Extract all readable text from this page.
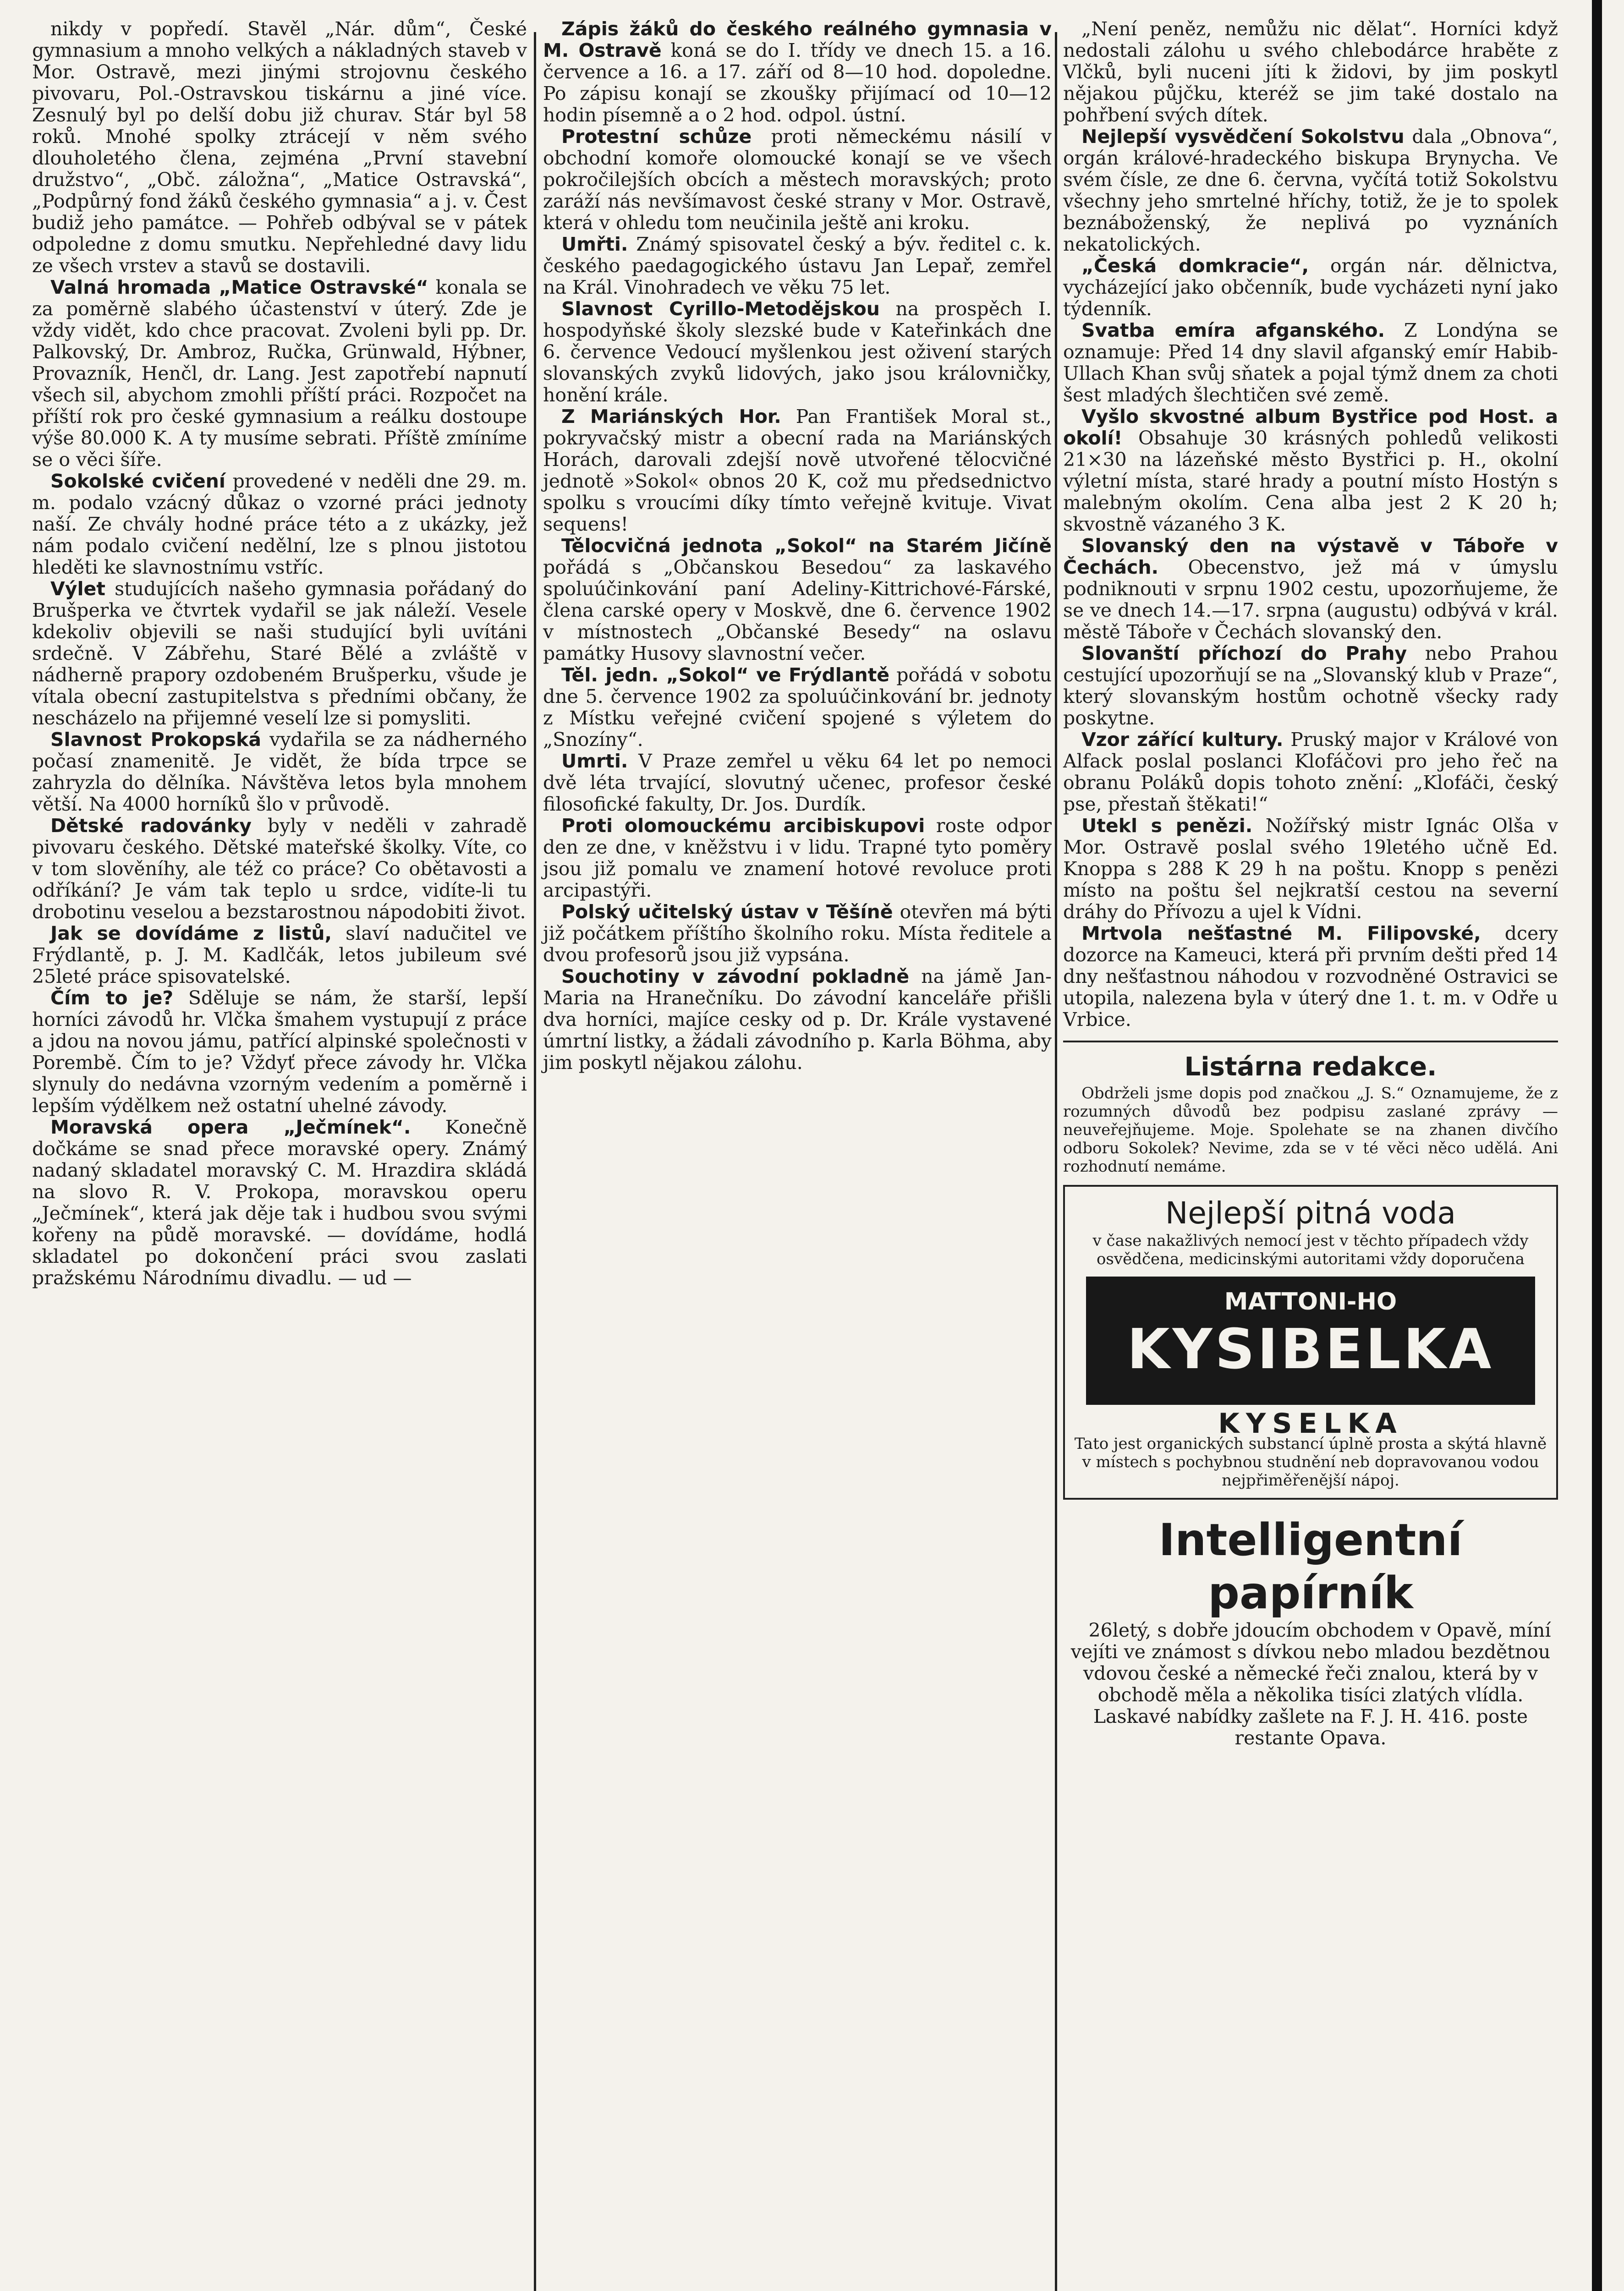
nikdy v popředí. Stavěl „Nár. dům“, České gymnasium a mnoho velkých a nákladných staveb v Mor. Ostravě, mezi jinými strojovnu českého pivovaru, Pol.-Ostravskou tiskárnu a jiné více. Zesnulý byl po delší dobu již churav. Stár byl 58 roků. Mnohé spolky ztrácejí v něm svého dlouholetého člena, zejména „První stavební družstvo“, „Obč. záložna“, „Matice Ostravská“, „Podpůrný fond žáků českého gymnasia“ a j. v. Čest budiž jeho památce. — Pohřeb odbýval se v pátek odpoledne z domu smutku. Nepřehledné davy lidu ze všech vrstev a stavů se dostavili.

Valná hromada „Matice Ostravské“ konala se za poměrně slabého účastenství v úterý. Zde je vždy vidět, kdo chce pracovat. Zvoleni byli pp. Dr. Palkovský, Dr. Ambroz, Ručka, Grünwald, Hýbner, Provazník, Henčl, dr. Lang. Jest zapotřebí napnutí všech sil, abychom zmohli příští práci. Rozpočet na příští rok pro české gymnasium a reálku dostoupe výše 80.000 K. A ty musíme sebrati. Příště zmíníme se o věci šíře.

Sokolské cvičení provedené v neděli dne 29. m. m. podalo vzácný důkaz o vzorné práci jednoty naší. Ze chvály hodné práce této a z ukázky, jež nám podalo cvičení nedělní, lze s plnou jistotou hleděti ke slavnostnímu vstříc.

Výlet studujících našeho gymnasia pořádaný do Brušperka ve čtvrtek vydařil se jak náleží. Vesele kdekoliv objevili se naši studující byli uvítáni srdečně. V Zábřehu, Staré Bělé a zvláště v nádherně prapory ozdobeném Brušperku, všude je vítala obecní zastupitelstva s předními občany, že nescházelo na přijemné veselí lze si pomysliti.

Slavnost Prokopská vydařila se za nádherného počasí znamenitě. Je vidět, že bída trpce se zahryzla do dělníka. Návštěva letos byla mnohem větší. Na 4000 horníků šlo v průvodě.

Dětské radovánky byly v neděli v zahradě pivovaru českého. Dětské mateřské školky. Víte, co v tom slověníhy, ale též co práce? Co obětavosti a odříkání? Je vám tak teplo u srdce, vidíte-li tu drobotinu veselou a bezstarostnou nápodobiti život.

Jak se dovídáme z listů, slaví nadučitel ve Frýdlantě, p. J. M. Kadlčák, letos jubileum své 25leté práce spisovatelské.

Čím to je? Sděluje se nám, že starší, lepší horníci závodů hr. Vlčka šmahem vystupují z práce a jdou na novou jámu, patřící alpinské společnosti v Porembě. Čím to je? Vždyť přece závody hr. Vlčka slynuly do nedávna vzorným vedením a poměrně i lepším výdělkem než ostatní uhelné závody.

Moravská opera „Ječmínek“. Konečně dočkáme se snad přece moravské opery. Známý nadaný skladatel moravský C. M. Hrazdira skládá na slovo R. V. Prokopa, moravskou operu „Ječmínek“, která jak děje tak i hudbou svou svými kořeny na půdě moravské. — dovídáme, hodlá skladatel po dokončení práci svou zaslati pražskému Národnímu divadlu. — ud —

Zápis žáků do českého reálného gymnasia v M. Ostravě koná se do I. třídy ve dnech 15. a 16. července a 16. a 17. září od 8—10 hod. dopoledne. Po zápisu konají se zkoušky přijímací od 10—12 hodin písemně a o 2 hod. odpol. ústní.

Protestní schůze proti německému násilí v obchodní komoře olomoucké konají se ve všech pokročilejších obcích a městech moravských; proto zaráží nás nevšímavost české strany v Mor. Ostravě, která v ohledu tom neučinila ještě ani kroku.

Umřti. Známý spisovatel český a býv. ředitel c. k. českého paedagogického ústavu Jan Lepař, zemřel na Král. Vinohradech ve věku 75 let.

Slavnost Cyrillo-Metodějskou na prospěch I. hospodyňské školy slezské bude v Kateřinkách dne 6. července Vedoucí myšlenkou jest oživení starých slovanských zvyků lidových, jako jsou královničky, honění krále.

Z Mariánských Hor. Pan František Moral st., pokryvačský mistr a obecní rada na Mariánských Horách, darovali zdejší nově utvořené tělocvičné jednotě »Sokol« obnos 20 K, což mu předsednictvo spolku s vroucími díky tímto veřejně kvituje. Vivat sequens!

Tělocvičná jednota „Sokol“ na Starém Jičíně pořádá s „Občanskou Besedou“ za laskavého spoluúčinkování paní Adeliny-Kittrichové-Fárské, člena carské opery v Moskvě, dne 6. července 1902 v místnostech „Občanské Besedy“ na oslavu památky Husovy slavnostní večer.

Těl. jedn. „Sokol“ ve Frýdlantě pořádá v sobotu dne 5. července 1902 za spoluúčinkování br. jednoty z Místku veřejné cvičení spojené s výletem do „Snozíny“.

Umrti. V Praze zemřel u věku 64 let po nemoci dvě léta trvající, slovutný učenec, profesor české filosofické fakulty, Dr. Jos. Durdík.

Proti olomouckému arcibiskupovi roste odpor den ze dne, v kněžstvu i v lidu. Trapné tyto poměry jsou již pomalu ve znamení hotové revoluce proti arcipastýři.

Polský učitelský ústav v Těšíně otevřen má býti již počátkem příštího školního roku. Místa ředitele a dvou profesorů jsou již vypsána.

Souchotiny v závodní pokladně na jámě Jan-Maria na Hranečníku. Do závodní kanceláře přišli dva horníci, majíce cesky od p. Dr. Krále vystavené úmrtní listky, a žádali závodního p. Karla Böhma, aby jim poskytl nějakou zálohu.

„Není peněz, nemůžu nic dělat“. Horníci když nedostali zálohu u svého chlebodárce hraběte z Vlčků, byli nuceni jíti k židovi, by jim poskytl nějakou půjčku, kteréž se jim také dostalo na pohřbení svých dítek.

Nejlepší vysvědčení Sokolstvu dala „Obnova“, orgán králové-hradeckého biskupa Brynycha. Ve svém čísle, ze dne 6. června, vyčítá totiž Sokolstvu všechny jeho smrtelné hříchy, totiž, že je to spolek beznáboženský, že neplivá po vyznáních nekatolických.

„Česká domkracie“, orgán nár. dělnictva, vycházející jako občenník, bude vycházeti nyní jako týdenník.

Svatba emíra afganského. Z Londýna se oznamuje: Před 14 dny slavil afganský emír Habib-Ullach Khan svůj sňatek a pojal týmž dnem za choti šest mladých šlechtičen své země.

Vyšlo skvostné album Bystřice pod Host. a okolí! Obsahuje 30 krásných pohledů velikosti 21×30 na lázeňské město Bystřici p. H., okolní výletní místa, staré hrady a poutní místo Hostýn s malebným okolím. Cena alba jest 2 K 20 h; skvostně vázaného 3 K.

Slovanský den na výstavě v Táboře v Čechách. Obecenstvo, jež má v úmyslu podniknouti v srpnu 1902 cestu, upozorňujeme, že se ve dnech 14.—17. srpna (augustu) odbývá v král. městě Táboře v Čechách slovanský den.

Slovanští příchozí do Prahy nebo Prahou cestující upozorňují se na „Slovanský klub v Praze“, který slovanským hostům ochotně všecky rady poskytne.

Vzor zářící kultury. Pruský major v Králové von Alfack poslal poslanci Klofáčovi pro jeho řeč na obranu Poláků dopis tohoto znění: „Klofáči, český pse, přestaň štěkati!“

Utekl s penězi. Nožířský mistr Ignác Olša v Mor. Ostravě poslal svého 19letého učně Ed. Knoppa s 288 K 29 h na poštu. Knopp s penězi místo na poštu šel nejkratší cestou na severní dráhy do Přívozu a ujel k Vídni.

Mrtvola nešťastné M. Filipovské, dcery dozorce na Kameuci, která při prvním dešti před 14 dny nešťastnou náhodou v rozvodněné Ostravici se utopila, nalezena byla v úterý dne 1. t. m. v Odře u Vrbice.

Listárna redakce.

Obdrželi jsme dopis pod značkou „J. S.“ Oznamujeme, že z rozumných důvodů bez podpisu zaslané zprávy — neuveřejňujeme. Moje. Spolehate se na zhanen divčího odboru Sokolek? Nevime, zda se v té věci něco udělá. Ani rozhodnutí nemáme.

Nejlepší pitná voda
v čase nakažlivých nemocí jest v těchto případech vždy osvědčena, medicinskými autoritami vždy doporučena
MATTONI-HO
KYSIBELKA
KYSELKA
Tato jest organických substancí úplně prosta a skýtá hlavně v místech s pochybnou studnění neb dopravovanou vodou nejpřiměřenější nápoj.
Intelligentní papírník

26letý, s dobře jdoucím obchodem v Opavě, míní vejíti ve známost s dívkou nebo mladou bezdětnou vdovou české a německé řeči znalou, která by v obchodě měla a několika tisíci zlatých vlídla. Laskavé nabídky zašlete na F. J. H. 416. poste restante Opava.
